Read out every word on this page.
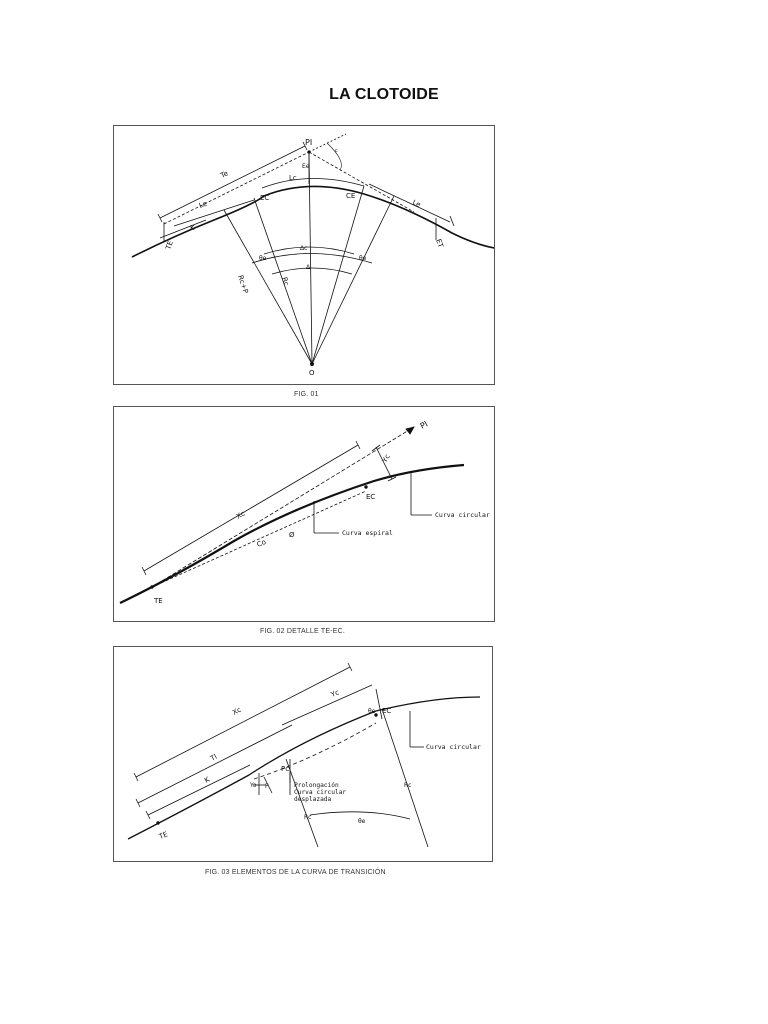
LA CLOTOIDE
PI
Ee
Lc
Te
Le	Le
EC	CE
K
TE	ET
Δc
θe	θe
Δ
Rc+P	Rc
O
c
FIG. 01
PI
Yc
Xc
EC
Co
Ø
TE
Curva circular
Curva espiral
FIG. 02 DETALLE TE-EC.
Xc
Yc
Tl
K
Yo P
Pc
θe EC
Curva circular
Prolongación
Curva circular
desplazada
Rc
Rc
θe
TE
FIG. 03 ELEMENTOS DE LA CURVA DE TRANSICIÓN
